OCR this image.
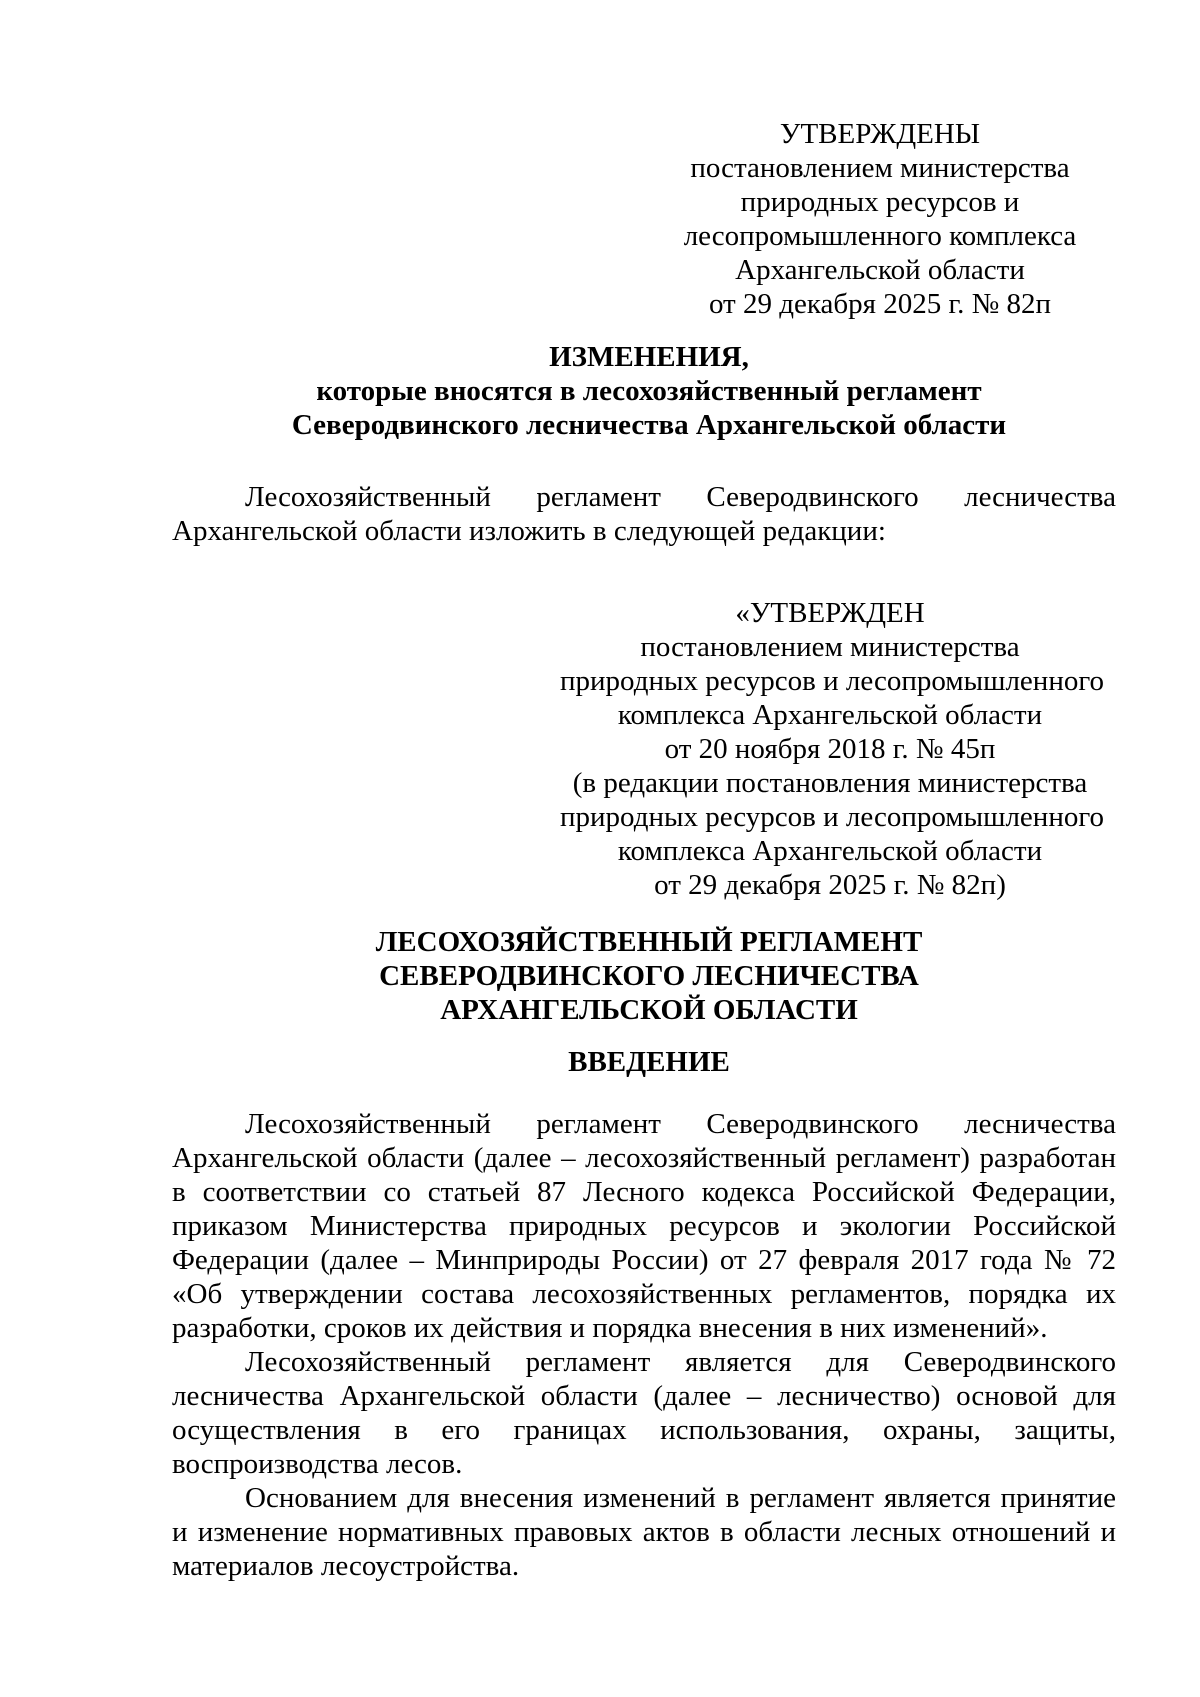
УТВЕРЖДЕНЫ
постановлением министерства
природных ресурсов и
лесопромышленного комплекса
Архангельской области
от 29 декабря 2025 г. № 82п
ИЗМЕНЕНИЯ,
которые вносятся в лесохозяйственный регламент
Северодвинского лесничества Архангельской области

Лесохозяйственный регламент Северодвинского лесничества Архангельской области изложить в следующей редакции:

«УТВЕРЖДЕН
постановлением министерства
природных ресурсов и лесопромышленного
комплекса Архангельской области
от 20 ноября 2018 г. № 45п
(в редакции постановления министерства
природных ресурсов и лесопромышленного
комплекса Архангельской области
от 29 декабря 2025 г. № 82п)
ЛЕСОХОЗЯЙСТВЕННЫЙ РЕГЛАМЕНТ
СЕВЕРОДВИНСКОГО ЛЕСНИЧЕСТВА
АРХАНГЕЛЬСКОЙ ОБЛАСТИ
ВВЕДЕНИЕ

Лесохозяйственный регламент Северодвинского лесничества Архангельской области (далее – лесохозяйственный регламент) разработан в соответствии со статьей 87 Лесного кодекса Российской Федерации, приказом Министерства природных ресурсов и экологии Российской Федерации (далее – Минприроды России) от 27 февраля 2017 года № 72 «Об утверждении состава лесохозяйственных регламентов, порядка их разработки, сроков их действия и порядка внесения в них изменений».

Лесохозяйственный регламент является для Северодвинского лесничества Архангельской области (далее – лесничество) основой для осуществления в его границах использования, охраны, защиты, воспроизводства лесов.

Основанием для внесения изменений в регламент является принятие и изменение нормативных правовых актов в области лесных отношений и материалов лесоустройства.
